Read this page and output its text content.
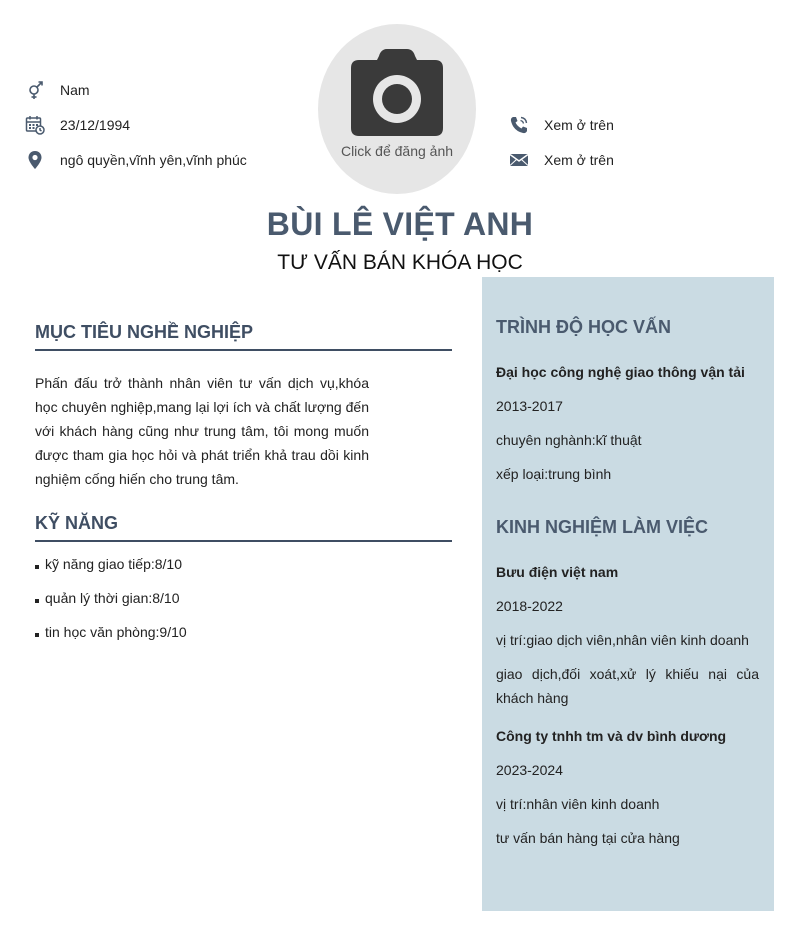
Nam
23/12/1994
ngô quyền,vĩnh yên,vĩnh phúc
Click để đăng ảnh
Xem ở trên
Xem ở trên
BÙI LÊ VIỆT ANH
TƯ VẤN BÁN KHÓA HỌC
MỤC TIÊU NGHỀ NGHIỆP

Phấn đấu trở thành nhân viên tư vấn dịch vụ,khóa học chuyên nghiệp,mang lại lợi ích và chất lượng đến với khách hàng cũng như trung tâm, tôi mong muốn được tham gia học hỏi và phát triển khả trau dồi kinh nghiệm cống hiến cho trung tâm.

KỸ NĂNG
kỹ năng giao tiếp:8/10
quản lý thời gian:8/10
tin học văn phòng:9/10
TRÌNH ĐỘ HỌC VẤN
Đại học công nghệ giao thông vận tải
2013-2017
chuyên nghành:kĩ thuật
xếp loại:trung bình
KINH NGHIỆM LÀM VIỆC
Bưu điện việt nam
2018-2022
vị trí:giao dịch viên,nhân viên kinh doanh
giao dịch,đối xoát,xử lý khiếu nại của khách hàng
Công ty tnhh tm và dv bình dương
2023-2024
vị trí:nhân viên kinh doanh
tư vấn bán hàng tại cửa hàng
